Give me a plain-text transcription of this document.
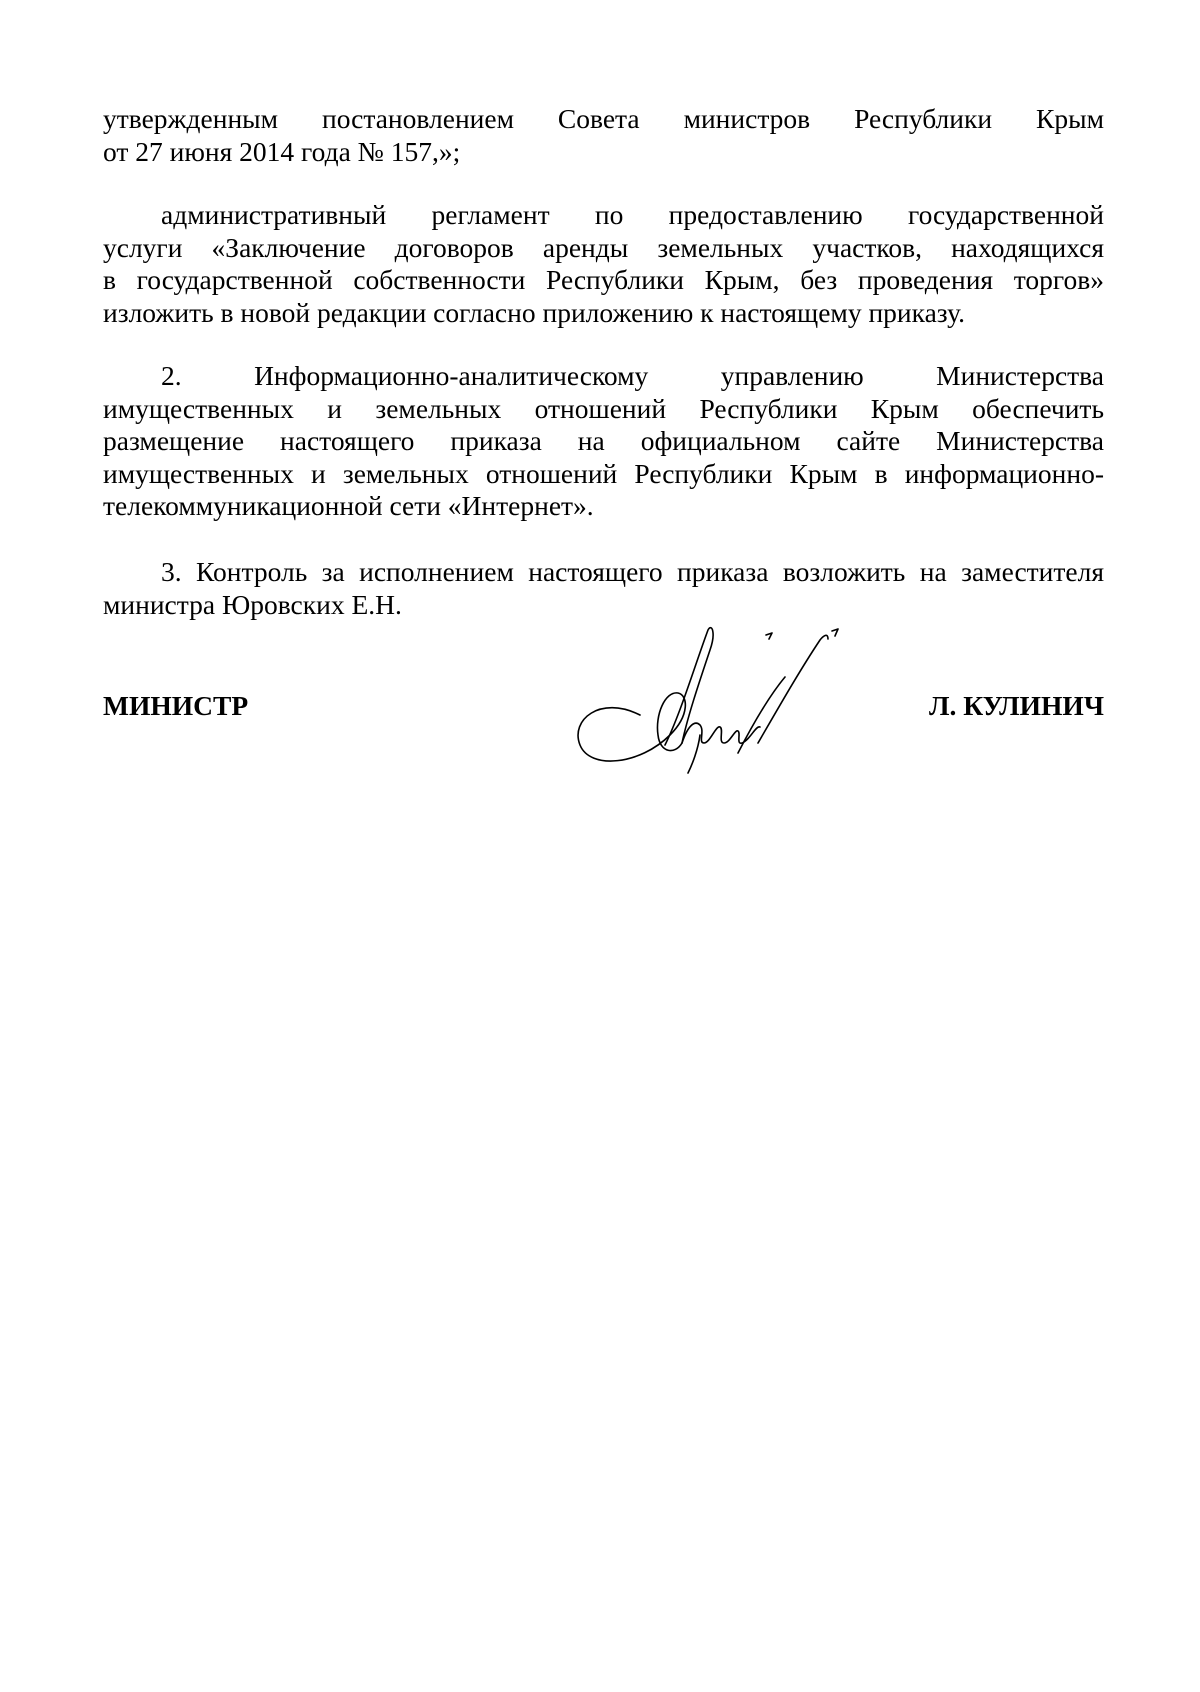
утвержденным постановлением Совета министров Республики Крым
от 27 июня 2014 года № 157,»;
административный регламент по предоставлению государственной
услуги «Заключение договоров аренды земельных участков, находящихся
в государственной собственности Республики Крым, без проведения торгов»
изложить в новой редакции согласно приложению к настоящему приказу.
2. Информационно-аналитическому управлению Министерства
имущественных и земельных отношений Республики Крым обеспечить
размещение настоящего приказа на официальном сайте Министерства
имущественных и земельных отношений Республики Крым в информационно-
телекоммуникационной сети «Интернет».
3. Контроль за исполнением настоящего приказа возложить на заместителя
министра Юровских Е.Н.
МИНИСТР	Л. КУЛИНИЧ
